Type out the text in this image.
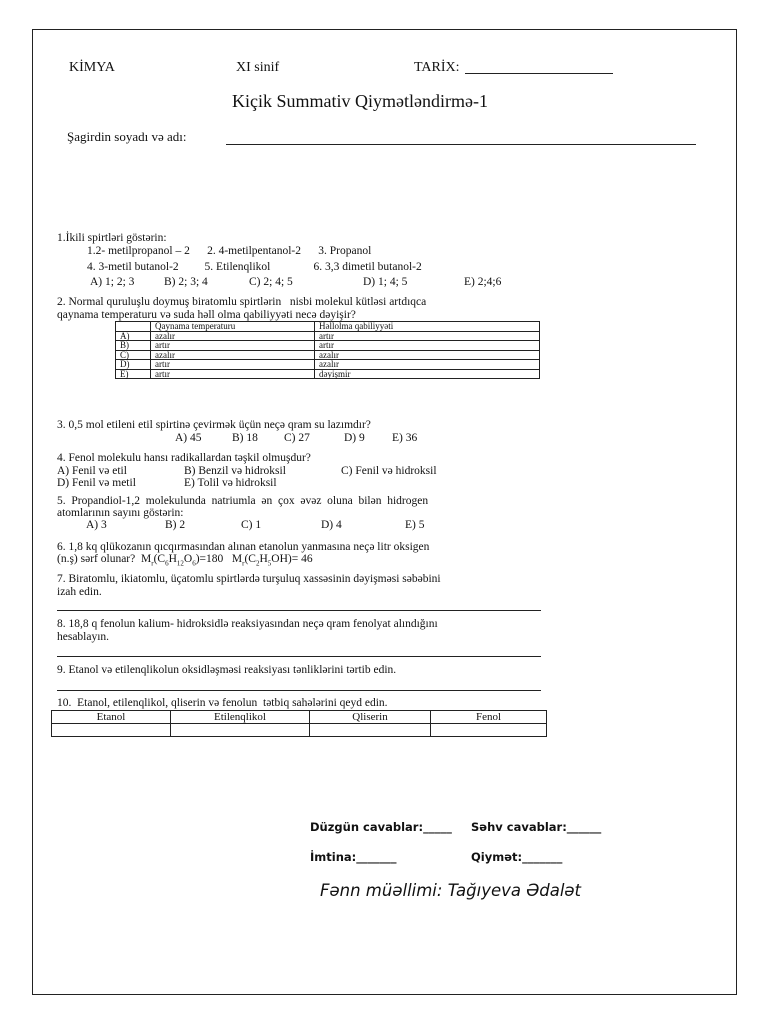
KİMYA	XI sinif	TARİX:
Kiçik Summativ Qiymətləndirmə-1
Şagirdin soyadı və adı:
1.İkili spirtləri göstərin:
1.2- metilpropanol – 2      2. 4-metilpentanol-2      3. Propanol
4. 3-metil butanol-2         5. Etilenqlikol               6. 3,3 dimetil butanol-2
A) 1; 2; 3	B) 2; 3; 4	C) 2; 4; 5	D) 1; 4; 5	E) 2;4;6
2. Normal quruluşlu doymuş biratomlu spirtlərin   nisbi molekul kütləsi artdıqca
qaynama temperaturu və suda həll olma qabiliyyəti necə dəyişir?
	Qaynama temperaturu	Həllolma qabiliyyəti
A)	azalır	artır
B)	artır	artır
C)	azalır	azalır
D)	artır	azalır
E)	artır	dəyişmir
3. 0,5 mol etileni etil spirtinə çevirmək üçün neçə qram su lazımdır?
A) 45	B) 18 C) 27	D) 9 E) 36
4. Fenol molekulu hansı radikallardan təşkil olmuşdur?
A) Fenil və etil	B) Benzil və hidroksil	C) Fenil və hidroksil
D) Fenil və metil	E) Tolil və hidroksil
5.  Propandiol-1,2  molekulunda  natriumla  ən  çox  əvəz  oluna  bilən  hidrogen
atomlarının sayını göstərin:
A) 3	B) 2	C) 1	D) 4	E) 5
6. 1,8 kq qlükozanın qıcqırmasından alınan etanolun yanmasına neçə litr oksigen
(n.ş) sərf olunar?  $M_r(C_6H_{12}O_6)=180$ $M_r(C_2H_5OH)= 46$
7. Biratomlu, ikiatomlu, üçatomlu spirtlərdə turşuluq xassəsinin dəyişməsi səbəbini
izah edin.
8. 18,8 q fenolun kalium- hidroksidlə reaksiyasından neçə qram fenolyat alındığını
hesablayın.
9. Etanol və etilenqlikolun oksidləşməsi reaksiyası tənliklərini tərtib edin.
10.  Etanol, etilenqlikol, qliserin və fenolun  tətbiq sahələrini qeyd edin.
Etanol	Etilenqlikol	Qliserin	Fenol

Düzgün cavablar:_____ Səhv cavablar:______
İmtina:_______	Qiymət:_______
Fənn müəllimi: Tağıyeva Ədalət
